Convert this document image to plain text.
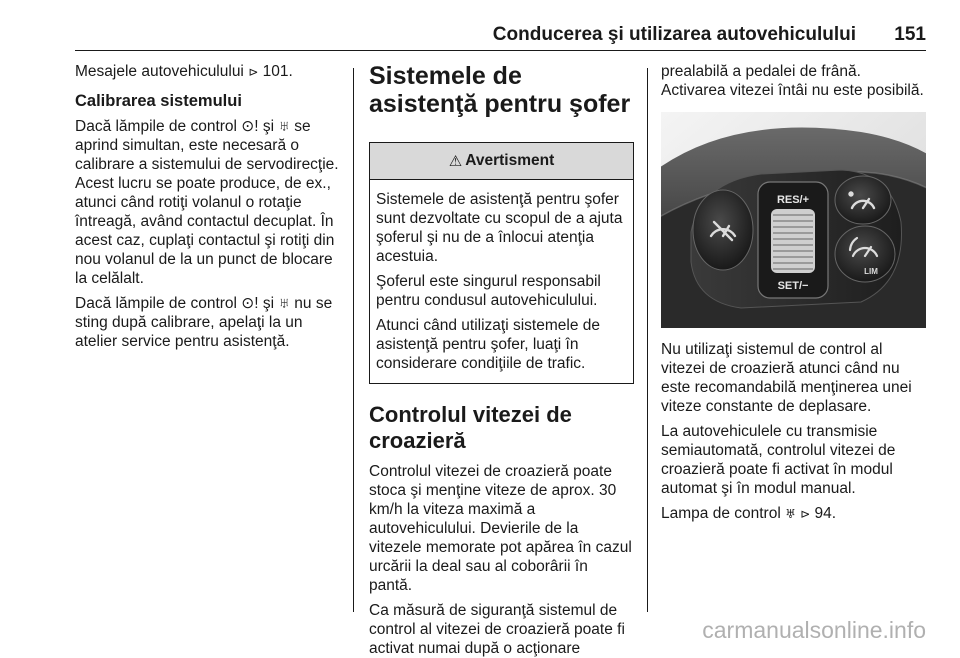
Conducerea şi utilizarea autovehiculului 151

Mesajele autovehiculului ⊳ 101.

Calibrarea sistemului

Dacă lămpile de control ⊙! şi ♅ se aprind simultan, este necesară o calibrare a sistemului de servodirecţie. Acest lucru se poate produce, de ex., atunci când rotiţi volanul o rotaţie întreagă, având contactul decuplat. În acest caz, cuplaţi contactul şi rotiţi din nou volanul de la un punct de blocare la celălalt.

Dacă lămpile de control ⊙! şi ♅ nu se sting după calibrare, apelaţi la un atelier service pentru asistenţă.

Sistemele de asistenţă pentru şofer
⚠ Avertisment

Sistemele de asistenţă pentru şofer sunt dezvoltate cu scopul de a ajuta şoferul şi nu de a înlocui atenţia acestuia.

Şoferul este singurul responsabil pentru condusul autovehiculului.

Atunci când utilizaţi sistemele de asistenţă pentru şofer, luaţi în considerare condiţiile de trafic.

Controlul vitezei de croazieră

Controlul vitezei de croazieră poate stoca şi menţine viteze de aprox. 30 km/h la viteza maximă a autovehiculului. Devierile de la vitezele memorate pot apărea în cazul urcării la deal sau al coborârii în pantă.

Ca măsură de siguranţă sistemul de control al vitezei de croazieră poate fi activat numai după o acţionare

prealabilă a pedalei de frână. Activarea vitezei întâi nu este posibilă.

RES/+
SET/−
LIM

Nu utilizaţi sistemul de control al vitezei de croazieră atunci când nu este recomandabilă menţinerea unei viteze constante de deplasare.

La autovehiculele cu transmisie semiautomată, controlul vitezei de croazieră poate fi activat în modul automat şi în modul manual.

Lampa de control ♅ ⊳ 94.

carmanualsonline.info
